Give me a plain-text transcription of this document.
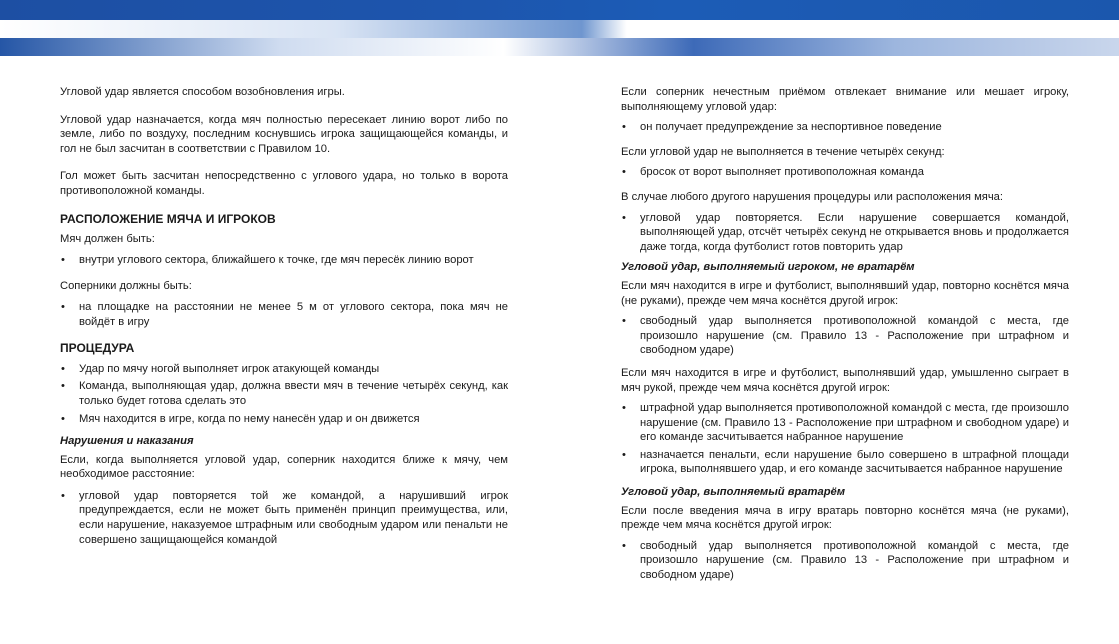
Угловой удар является способом возобновления игры.

Угловой удар назначается, когда мяч полностью пересекает линию ворот либо по земле, либо по воздуху, последним коснувшись игрока защищающейся команды, и гол не был засчитан в соответствии с Правилом 10.

Гол может быть засчитан непосредственно с углового удара, но только в ворота противоположной команды.

РАСПОЛОЖЕНИЕ МЯЧА И ИГРОКОВ

Мяч должен быть:

• внутри углового сектора, ближайшего к точке, где мяч пересёк линию ворот

Соперники должны быть:

• на площадке на расстоянии не менее 5 м от углового сектора, пока мяч не войдёт в игру

ПРОЦЕДУРА

• Удар по мячу ногой выполняет игрок атакующей команды
• Команда, выполняющая удар, должна ввести мяч в течение четырёх секунд, как только будет готова сделать это
• Мяч находится в игре, когда по нему нанесён удар и он движется

Нарушения и наказания

Если, когда выполняется угловой удар, соперник находится ближе к мячу, чем необходимое расстояние:

• угловой удар повторяется той же командой, а нарушивший игрок предупреждается, если не может быть применён принцип преимущества, или, если нарушение, наказуемое штрафным или свободным ударом или пенальти не совершено защищающейся командой

Если соперник нечестным приёмом отвлекает внимание или мешает игроку, выполняющему угловой удар:

• он получает предупреждение за неспортивное поведение

Если угловой удар не выполняется в течение четырёх секунд:

• бросок от ворот выполняет противоположная команда

В случае любого другого нарушения процедуры или расположения мяча:

• угловой удар повторяется. Если нарушение совершается командой, выполняющей удар, отсчёт четырёх секунд не открывается вновь и продолжается даже тогда, когда футболист готов повторить удар

Угловой удар, выполняемый игроком, не вратарём

Если мяч находится в игре и футболист, выполнявший удар, повторно коснётся мяча (не руками), прежде чем мяча коснётся другой игрок:

• свободный удар выполняется противоположной командой с места, где произошло нарушение (см. Правило 13 - Расположение при штрафном и свободном ударе)

Если мяч находится в игре и футболист, выполнявший удар, умышленно сыграет в мяч рукой, прежде чем мяча коснётся другой игрок:

• штрафной удар выполняется противоположной командой с места, где произошло нарушение (см. Правило 13 - Расположение при штрафном и свободном ударе) и его команде засчитывается набранное нарушение
• назначается пенальти, если нарушение было совершено в штрафной площади игрока, выполнявшего удар, и его команде засчитывается набранное нарушение

Угловой удар, выполняемый вратарём

Если после введения мяча в игру вратарь повторно коснётся мяча (не руками), прежде чем мяча коснётся другой игрок:

• свободный удар выполняется противоположной командой с места, где произошло нарушение (см. Правило 13 - Расположение при штрафном и свободном ударе)
